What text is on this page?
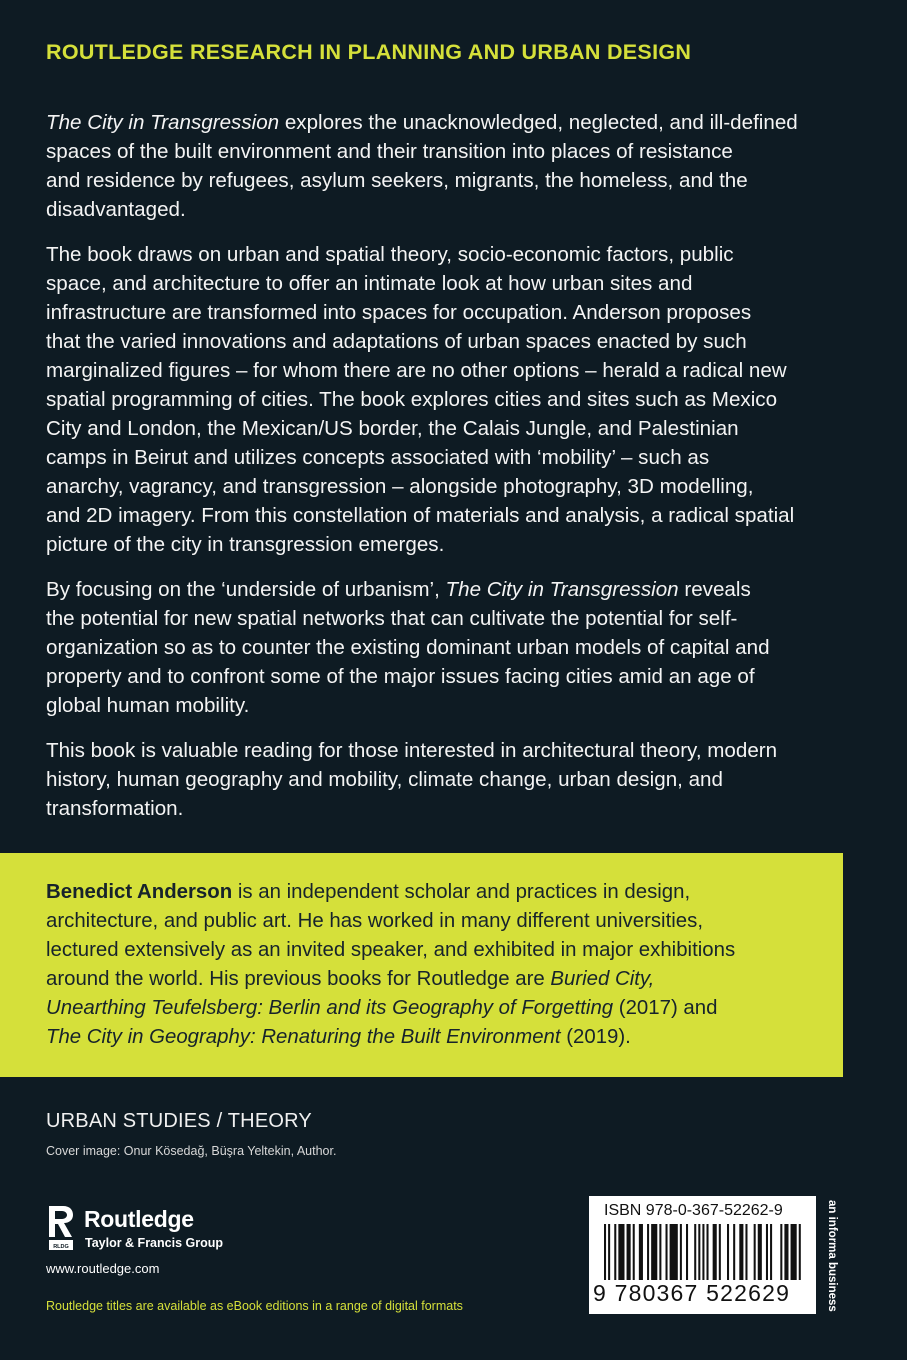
ROUTLEDGE RESEARCH IN PLANNING AND URBAN DESIGN

The City in Transgression explores the unacknowledged, neglected, and ill-defined
spaces of the built environment and their transition into places of resistance
and residence by refugees, asylum seekers, migrants, the homeless, and the
disadvantaged.

The book draws on urban and spatial theory, socio-economic factors, public
space, and architecture to offer an intimate look at how urban sites and
infrastructure are transformed into spaces for occupation. Anderson proposes
that the varied innovations and adaptations of urban spaces enacted by such
marginalized figures – for whom there are no other options – herald a radical new
spatial programming of cities. The book explores cities and sites such as Mexico
City and London, the Mexican/US border, the Calais Jungle, and Palestinian
camps in Beirut and utilizes concepts associated with ‘mobility’ – such as
anarchy, vagrancy, and transgression – alongside photography, 3D modelling,
and 2D imagery. From this constellation of materials and analysis, a radical spatial
picture of the city in transgression emerges.

By focusing on the ‘underside of urbanism’, The City in Transgression reveals
the potential for new spatial networks that can cultivate the potential for self-
organization so as to counter the existing dominant urban models of capital and
property and to confront some of the major issues facing cities amid an age of
global human mobility.

This book is valuable reading for those interested in architectural theory, modern
history, human geography and mobility, climate change, urban design, and
transformation.

Benedict Anderson is an independent scholar and practices in design,
architecture, and public art. He has worked in many different universities,
lectured extensively as an invited speaker, and exhibited in major exhibitions
around the world. His previous books for Routledge are Buried City,
Unearthing Teufelsberg: Berlin and its Geography of Forgetting (2017) and
The City in Geography: Renaturing the Built Environment (2019).
URBAN STUDIES / THEORY
Cover image: Onur Kösedağ, Büşra Yeltekin, Author.
RLDG
Routledge
Taylor & Francis Group
www.routledge.com
Routledge titles are available as eBook editions in a range of digital formats
ISBN 978-0-367-52262-9
9 780367 522629	an informa business
